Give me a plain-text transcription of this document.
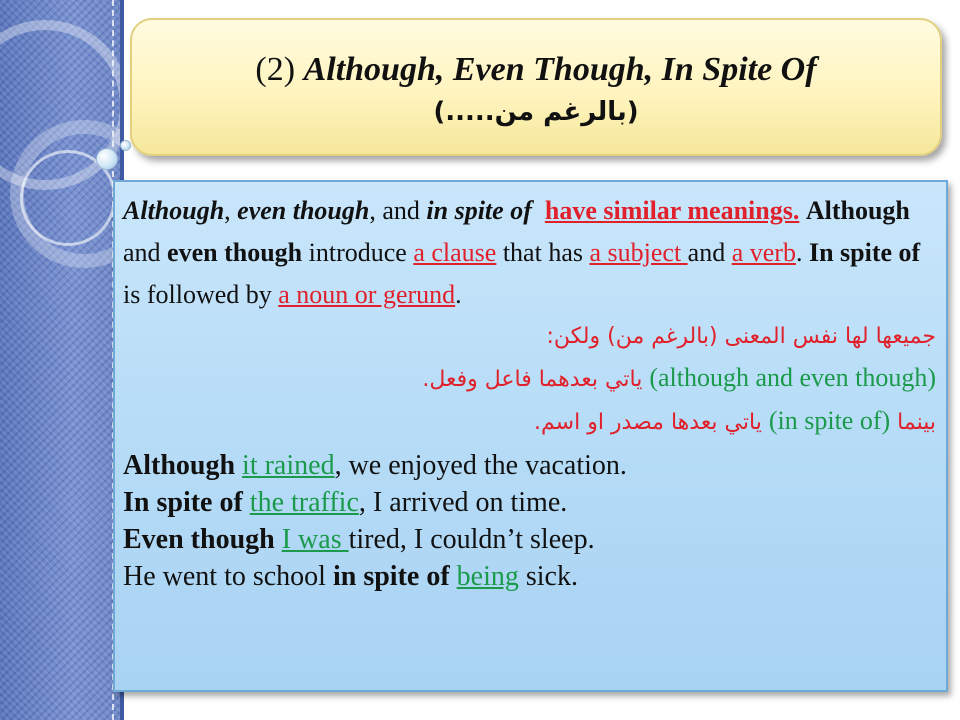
(2) Although, Even Though, In Spite Of
(بالرغم من.....)

Although, even though, and in spite of have similar meanings. Although and even though introduce a clause that has a subject and a verb. In spite of is followed by a noun or gerund.

جميعها لها نفس المعنى (بالرغم من) ولكن:

(although and even though) ياتي بعدهما فاعل وفعل.

بينما (in spite of) ياتي بعدها مصدر او اسم.

Although it rained, we enjoyed the vacation.

In spite of the traffic, I arrived on time.

Even though I was tired, I couldn’t sleep.

He went to school in spite of being sick.
